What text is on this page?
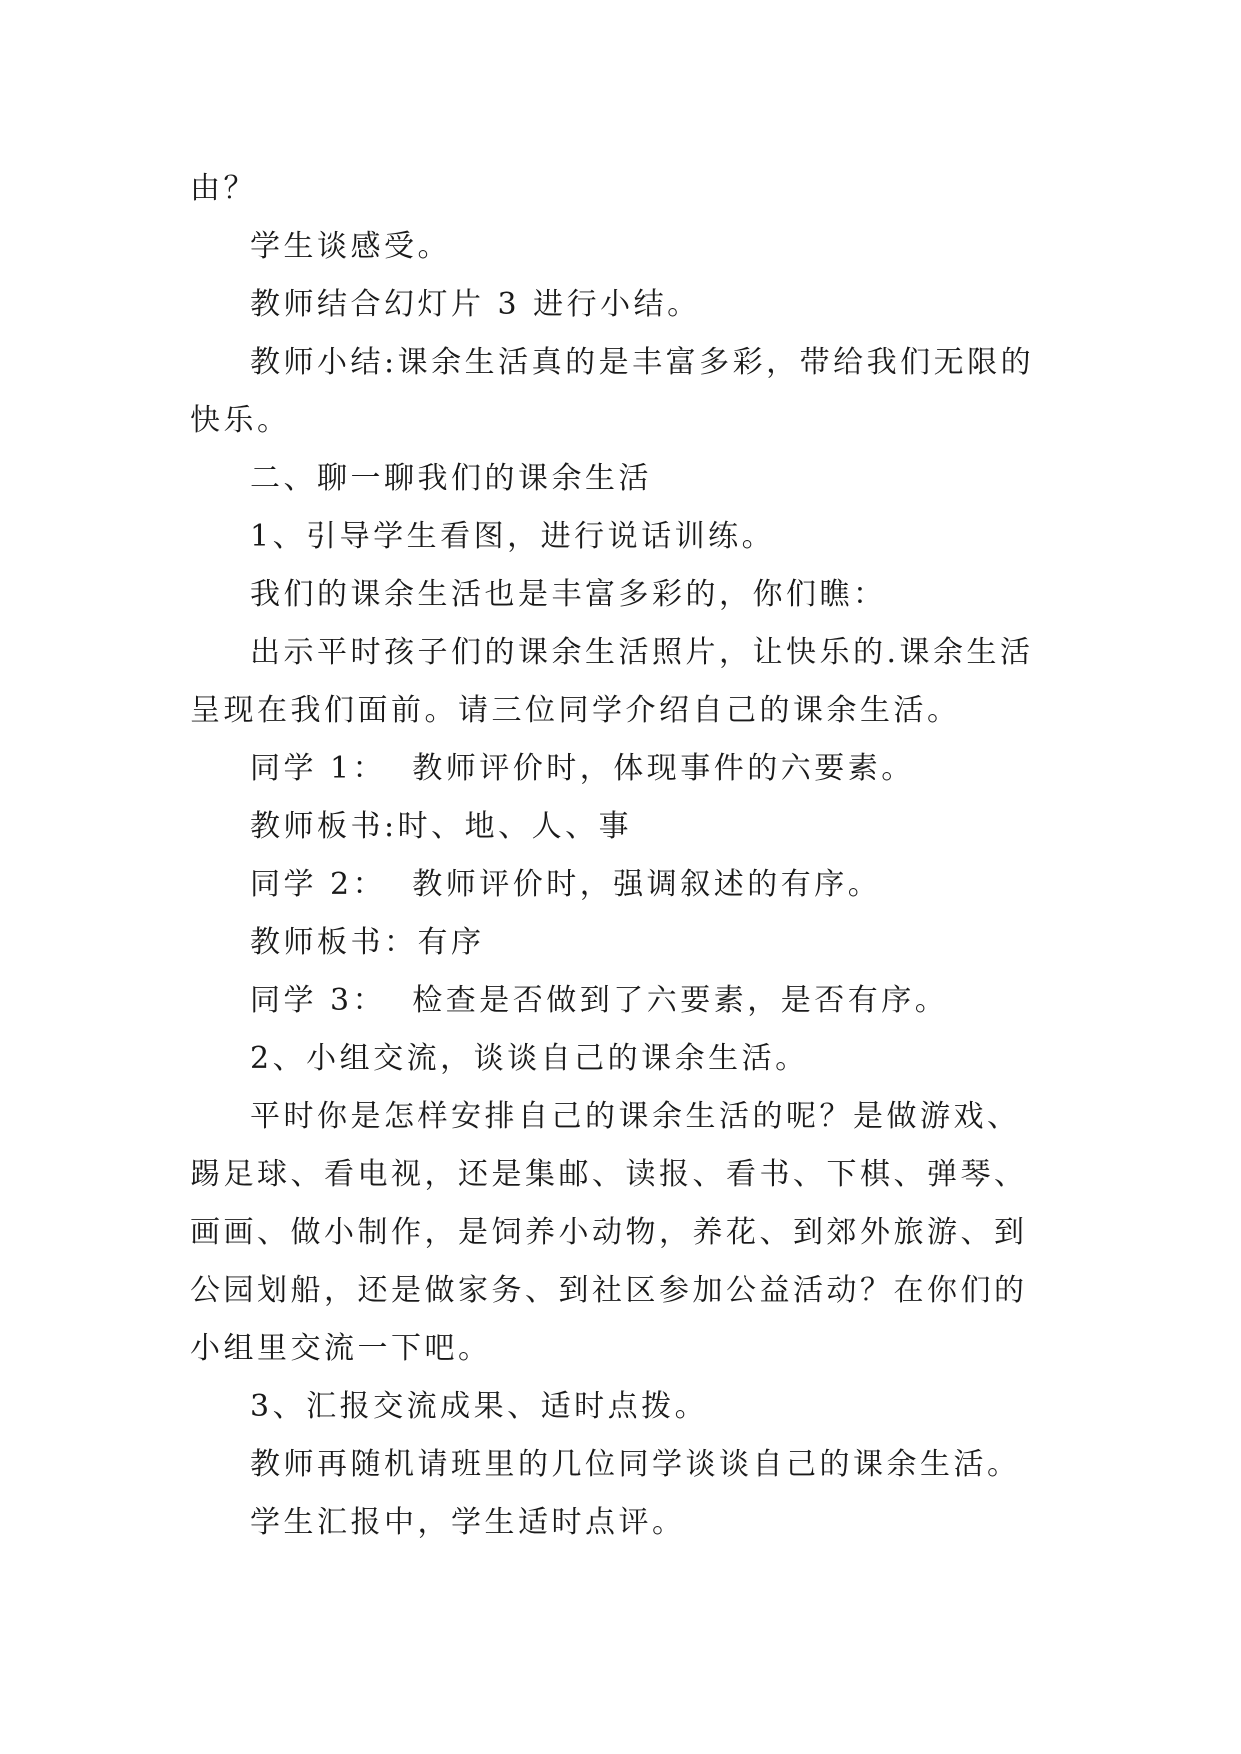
由？

学生谈感受。

教师结合幻灯片 3 进行小结。

教师小结:课余生活真的是丰富多彩，带给我们无限的快乐。

二、聊一聊我们的课余生活

1、引导学生看图，进行说话训练。

我们的课余生活也是丰富多彩的，你们瞧：

出示平时孩子们的课余生活照片，让快乐的.课余生活呈现在我们面前。请三位同学介绍自己的课余生活。

同学 1：  教师评价时，体现事件的六要素。

教师板书:时、地、人、事

同学 2：  教师评价时，强调叙述的有序。

教师板书：有序

同学 3：  检查是否做到了六要素，是否有序。

2、小组交流，谈谈自己的课余生活。

平时你是怎样安排自己的课余生活的呢？是做游戏、踢足球、看电视，还是集邮、读报、看书、下棋、弹琴、画画、做小制作，是饲养小动物，养花、到郊外旅游、到公园划船，还是做家务、到社区参加公益活动？在你们的小组里交流一下吧。

3、汇报交流成果、适时点拨。

教师再随机请班里的几位同学谈谈自己的课余生活。

学生汇报中，学生适时点评。
